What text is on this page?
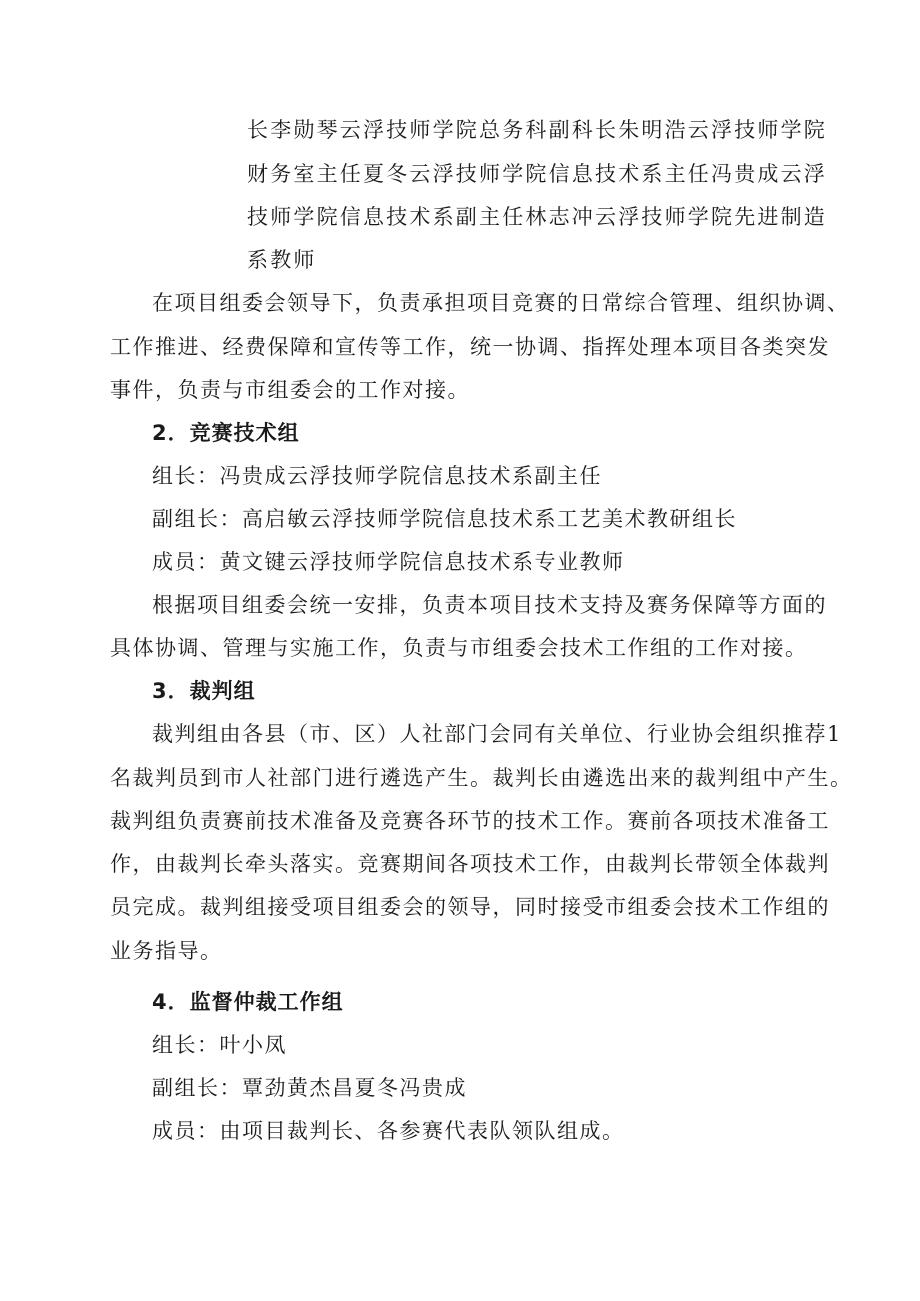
长李勋琴云浮技师学院总务科副科长朱明浩云浮技师学院
财务室主任夏冬云浮技师学院信息技术系主任冯贵成云浮
技师学院信息技术系副主任林志冲云浮技师学院先进制造
系教师
在项目组委会领导下，负责承担项目竞赛的日常综合管理、组织协调、
工作推进、经费保障和宣传等工作，统一协调、指挥处理本项目各类突发
事件，负责与市组委会的工作对接。
2．竞赛技术组
组长：冯贵成云浮技师学院信息技术系副主任
副组长：高启敏云浮技师学院信息技术系工艺美术教研组长
成员：黄文键云浮技师学院信息技术系专业教师
根据项目组委会统一安排，负责本项目技术支持及赛务保障等方面的
具体协调、管理与实施工作，负责与市组委会技术工作组的工作对接。
3．裁判组
裁判组由各县（市、区）人社部门会同有关单位、行业协会组织推荐1
名裁判员到市人社部门进行遴选产生。裁判长由遴选出来的裁判组中产生。
裁判组负责赛前技术准备及竞赛各环节的技术工作。赛前各项技术准备工
作，由裁判长牵头落实。竞赛期间各项技术工作，由裁判长带领全体裁判
员完成。裁判组接受项目组委会的领导，同时接受市组委会技术工作组的
业务指导。
4．监督仲裁工作组
组长：叶小凤
副组长：覃劲黄杰昌夏冬冯贵成
成员：由项目裁判长、各参赛代表队领队组成。
